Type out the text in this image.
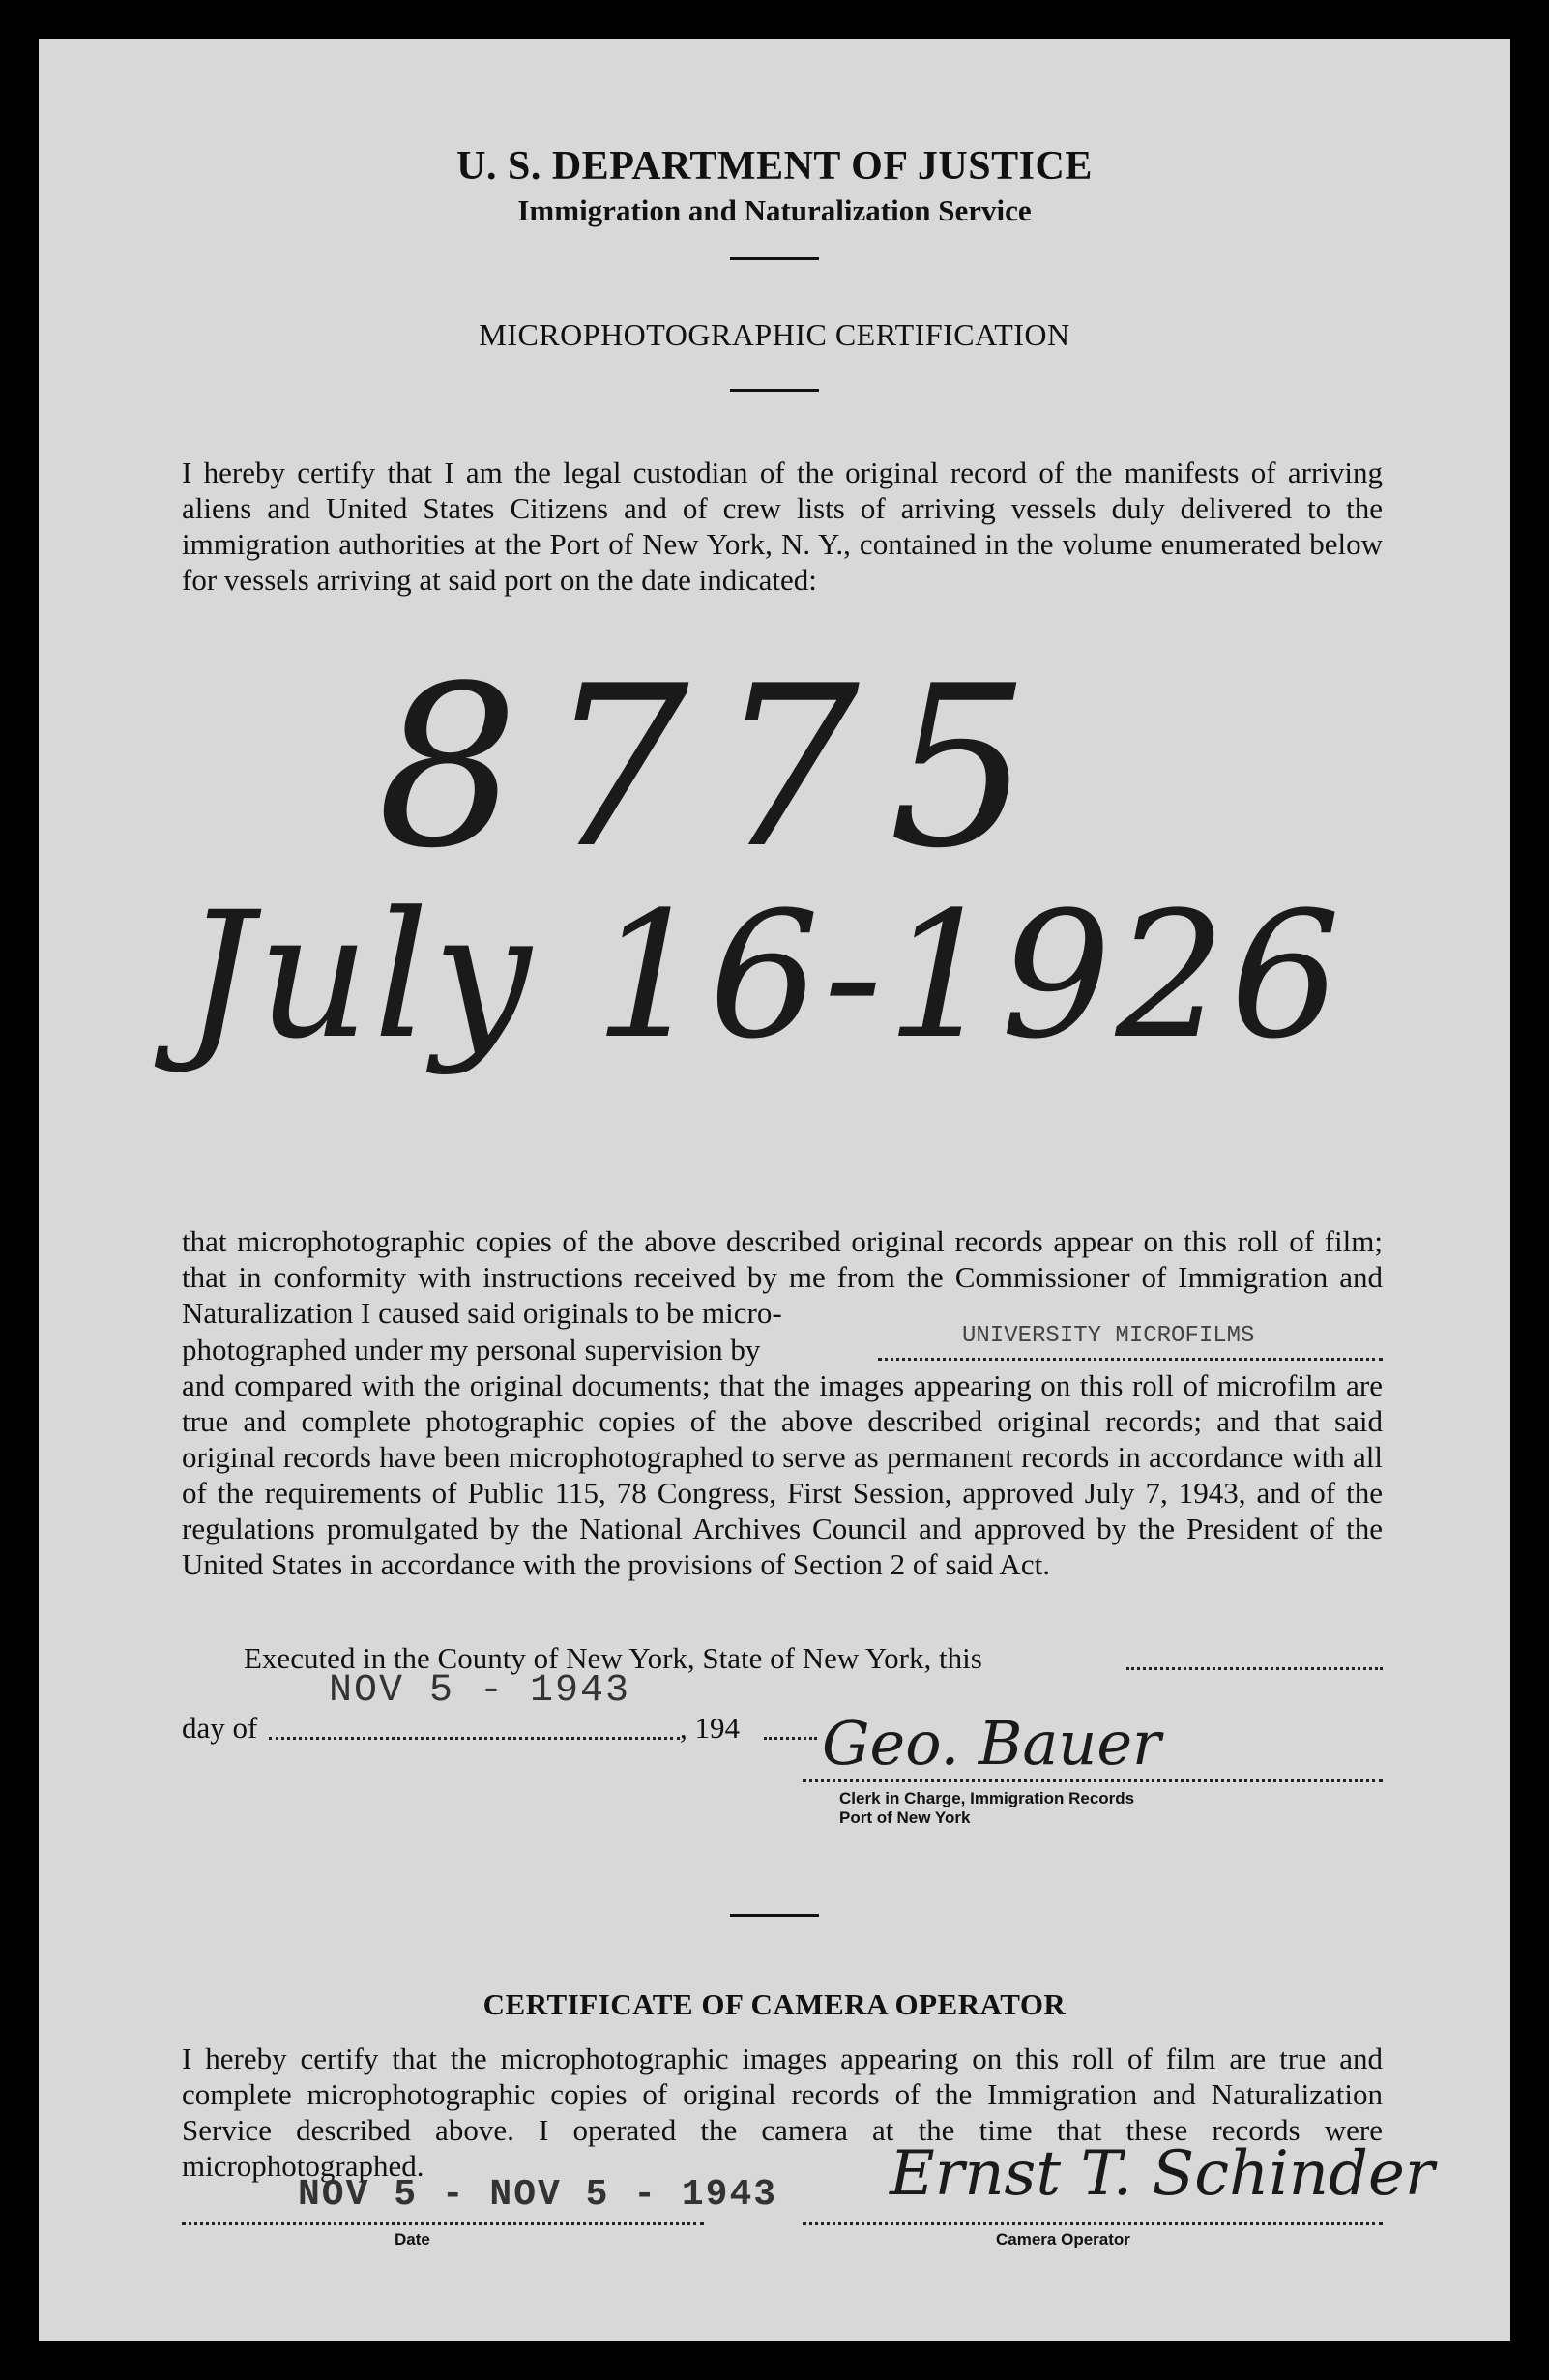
U. S. DEPARTMENT OF JUSTICE
Immigration and Naturalization Service
MICROPHOTOGRAPHIC CERTIFICATION

I hereby certify that I am the legal custodian of the original record of the manifests of arriving aliens and United States Citizens and of crew lists of arriving vessels duly delivered to the immigration authorities at the Port of New York, N. Y., contained in the volume enumerated below for vessels arriving at said port on the date indicated:

8775
July 16-1926

that microphotographic copies of the above described original records appear on this roll of film; that in conformity with instructions received by me from the Commissioner of Immigration and Naturalization I caused said originals to be micro-

photographed under my personal supervision by	UNIVERSITY MICROFILMS

and compared with the original documents; that the images appearing on this roll of microfilm are true and complete photographic copies of the above described original records; and that said original records have been microphotographed to serve as permanent records in accordance with all of the requirements of Public 115, 78 Congress, First Session, approved July 7, 1943, and of the regulations promulgated by the National Archives Council and approved by the President of the United States in accordance with the provisions of Section 2 of said Act.

Executed in the County of New York, State of New York, this
NOV 5 - 1943
day of	, 194 Geo. Bauer
Clerk in Charge, Immigration Records
Port of New York
CERTIFICATE OF CAMERA OPERATOR

I hereby certify that the microphotographic images appearing on this roll of film are true and complete microphotographic copies of original records of the Immigration and Naturalization Service described above. I operated the camera at the time that these records were microphotographed.

NOV 5 - NOV 5 - 1943
Date
Ernst T. Schinder
Camera Operator
